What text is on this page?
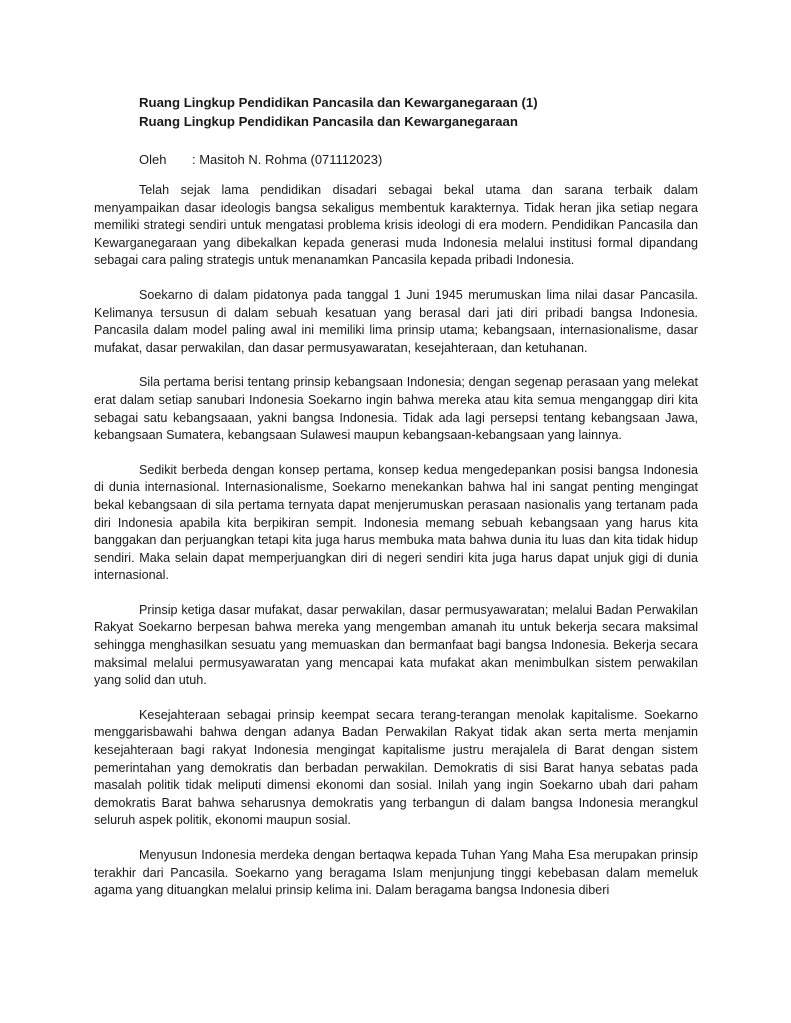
Ruang Lingkup Pendidikan Pancasila dan Kewarganegaraan (1)
Ruang Lingkup Pendidikan Pancasila dan Kewarganegaraan
Oleh : Masitoh N. Rohma (071112023)

Telah sejak lama pendidikan disadari sebagai bekal utama dan sarana terbaik dalam menyampaikan dasar ideologis bangsa sekaligus membentuk karakternya. Tidak heran jika setiap negara memiliki strategi sendiri untuk mengatasi problema krisis ideologi di era modern. Pendidikan Pancasila dan Kewarganegaraan yang dibekalkan kepada generasi muda Indonesia melalui institusi formal dipandang sebagai cara paling strategis untuk menanamkan Pancasila kepada pribadi Indonesia.

Soekarno di dalam pidatonya pada tanggal 1 Juni 1945 merumuskan lima nilai dasar Pancasila. Kelimanya tersusun di dalam sebuah kesatuan yang berasal dari jati diri pribadi bangsa Indonesia. Pancasila dalam model paling awal ini memiliki lima prinsip utama; kebangsaan, internasionalisme, dasar mufakat, dasar perwakilan, dan dasar permusyawaratan, kesejahteraan, dan ketuhanan.

Sila pertama berisi tentang prinsip kebangsaan Indonesia; dengan segenap perasaan yang melekat erat dalam setiap sanubari Indonesia Soekarno ingin bahwa mereka atau kita semua menganggap diri kita sebagai satu kebangsaaan, yakni bangsa Indonesia. Tidak ada lagi persepsi tentang kebangsaan Jawa, kebangsaan Sumatera, kebangsaan Sulawesi maupun kebangsaan-kebangsaan yang lainnya.

Sedikit berbeda dengan konsep pertama, konsep kedua mengedepankan posisi bangsa Indonesia di dunia internasional. Internasionalisme, Soekarno menekankan bahwa hal ini sangat penting mengingat bekal kebangsaan di sila pertama ternyata dapat menjerumuskan perasaan nasionalis yang tertanam pada diri Indonesia apabila kita berpikiran sempit. Indonesia memang sebuah kebangsaan yang harus kita banggakan dan perjuangkan tetapi kita juga harus membuka mata bahwa dunia itu luas dan kita tidak hidup sendiri. Maka selain dapat memperjuangkan diri di negeri sendiri kita juga harus dapat unjuk gigi di dunia internasional.

Prinsip ketiga dasar mufakat, dasar perwakilan, dasar permusyawaratan; melalui Badan Perwakilan Rakyat Soekarno berpesan bahwa mereka yang mengemban amanah itu untuk bekerja secara maksimal sehingga menghasilkan sesuatu yang memuaskan dan bermanfaat bagi bangsa Indonesia. Bekerja secara maksimal melalui permusyawaratan yang mencapai kata mufakat akan menimbulkan sistem perwakilan yang solid dan utuh.

Kesejahteraan sebagai prinsip keempat secara terang-terangan menolak kapitalisme. Soekarno menggarisbawahi bahwa dengan adanya Badan Perwakilan Rakyat tidak akan serta merta menjamin kesejahteraan bagi rakyat Indonesia mengingat kapitalisme justru merajalela di Barat dengan sistem pemerintahan yang demokratis dan berbadan perwakilan. Demokratis di sisi Barat hanya sebatas pada masalah politik tidak meliputi dimensi ekonomi dan sosial. Inilah yang ingin Soekarno ubah dari paham demokratis Barat bahwa seharusnya demokratis yang terbangun di dalam bangsa Indonesia merangkul seluruh aspek politik, ekonomi maupun sosial.

Menyusun Indonesia merdeka dengan bertaqwa kepada Tuhan Yang Maha Esa merupakan prinsip terakhir dari Pancasila. Soekarno yang beragama Islam menjunjung tinggi kebebasan dalam memeluk agama yang dituangkan melalui prinsip kelima ini. Dalam beragama bangsa Indonesia diberi
